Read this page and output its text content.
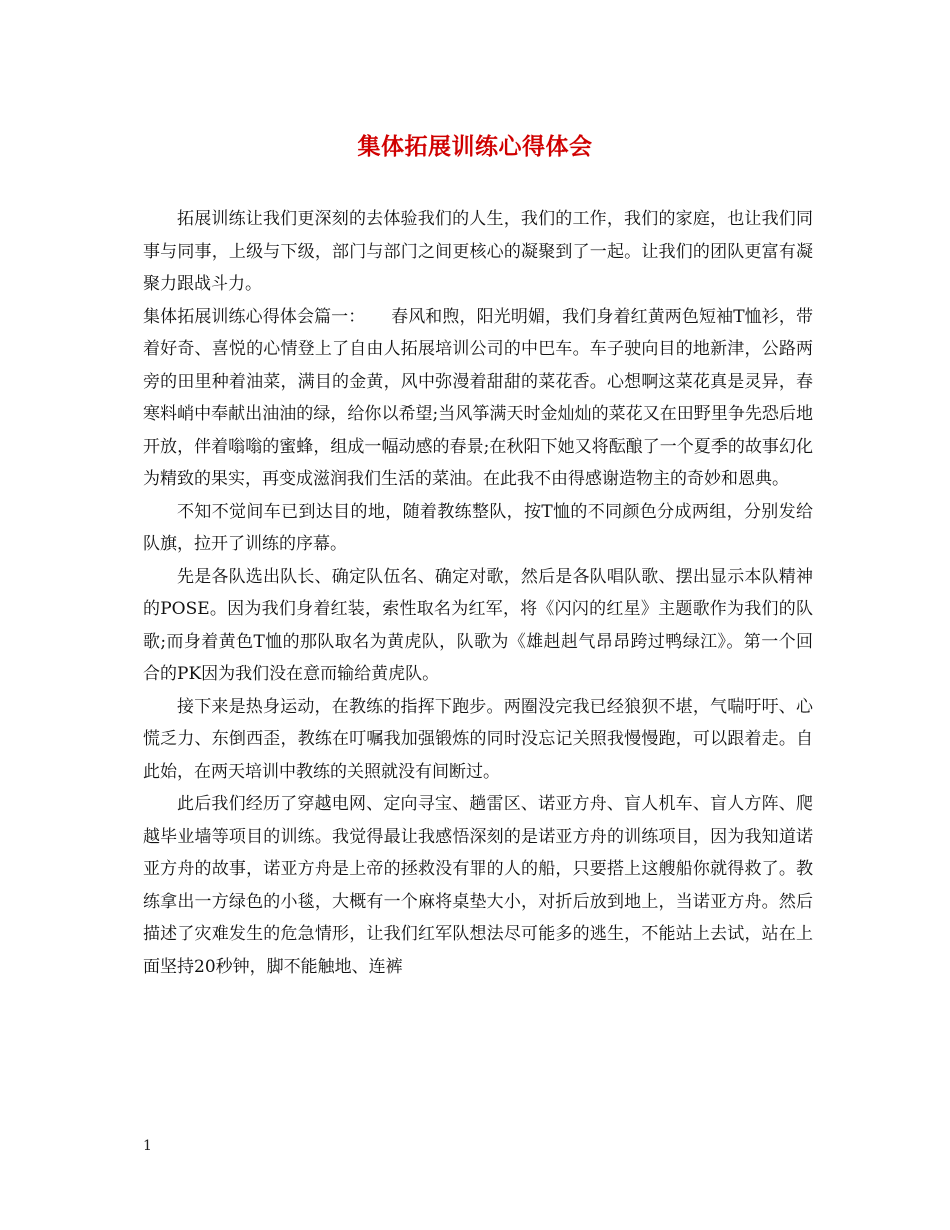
集体拓展训练心得体会

拓展训练让我们更深刻的去体验我们的人生，我们的工作，我们的家庭，也让我们同事与同事，上级与下级，部门与部门之间更核心的凝聚到了一起。让我们的团队更富有凝聚力跟战斗力。

集体拓展训练心得体会篇一：　　春风和煦，阳光明媚，我们身着红黄两色短袖T恤衫，带着好奇、喜悦的心情登上了自由人拓展培训公司的中巴车。车子驶向目的地新津，公路两旁的田里种着油菜，满目的金黄，风中弥漫着甜甜的菜花香。心想啊这菜花真是灵异，春寒料峭中奉献出油油的绿，给你以希望;当风筝满天时金灿灿的菜花又在田野里争先恐后地开放，伴着嗡嗡的蜜蜂，组成一幅动感的春景;在秋阳下她又将酝酿了一个夏季的故事幻化为精致的果实，再变成滋润我们生活的菜油。在此我不由得感谢造物主的奇妙和恩典。

不知不觉间车已到达目的地，随着教练整队，按T恤的不同颜色分成两组，分别发给队旗，拉开了训练的序幕。

先是各队选出队长、确定队伍名、确定对歌，然后是各队唱队歌、摆出显示本队精神的POSE。因为我们身着红装，索性取名为红军，将《闪闪的红星》主题歌作为我们的队歌;而身着黄色T恤的那队取名为黄虎队，队歌为《雄赳赳气昂昂跨过鸭绿江》。第一个回合的PK因为我们没在意而输给黄虎队。

接下来是热身运动，在教练的指挥下跑步。两圈没完我已经狼狈不堪，气喘吁吁、心慌乏力、东倒西歪，教练在叮嘱我加强锻炼的同时没忘记关照我慢慢跑，可以跟着走。自此始，在两天培训中教练的关照就没有间断过。

此后我们经历了穿越电网、定向寻宝、趟雷区、诺亚方舟、盲人机车、盲人方阵、爬越毕业墙等项目的训练。我觉得最让我感悟深刻的是诺亚方舟的训练项目，因为我知道诺亚方舟的故事，诺亚方舟是上帝的拯救没有罪的人的船，只要搭上这艘船你就得救了。教练拿出一方绿色的小毯，大概有一个麻将桌垫大小，对折后放到地上，当诺亚方舟。然后描述了灾难发生的危急情形，让我们红军队想法尽可能多的逃生，不能站上去试，站在上面坚持20秒钟，脚不能触地、连裤

1
